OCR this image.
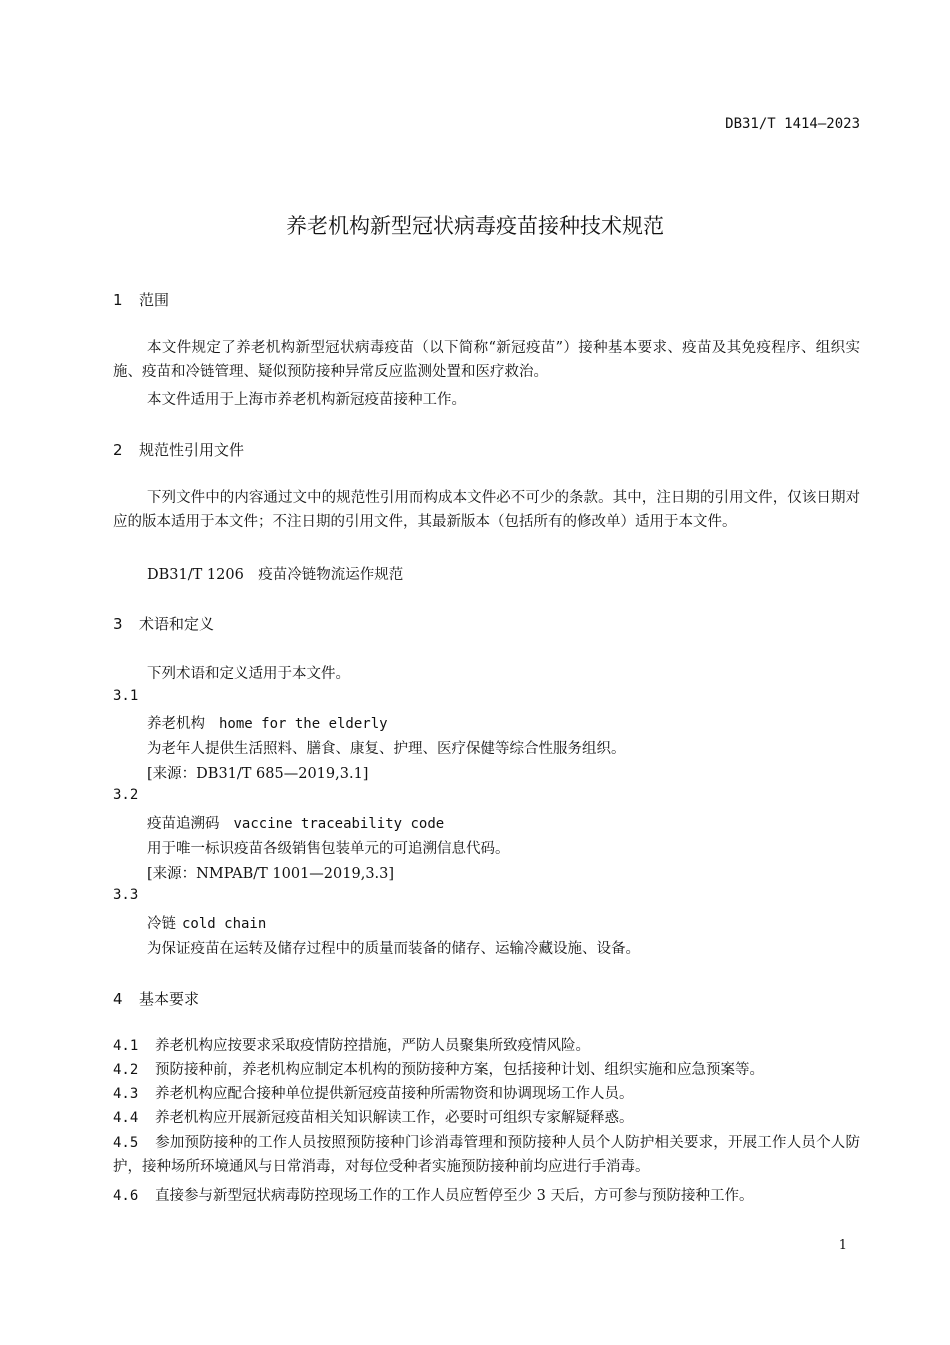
DB31/T 1414—2023
养老机构新型冠状病毒疫苗接种技术规范
1 范围
本文件规定了养老机构新型冠状病毒疫苗（以下简称“新冠疫苗”）接种基本要求、疫苗及其免疫程序、组织实施、疫苗和冷链管理、疑似预防接种异常反应监测处置和医疗救治。
本文件适用于上海市养老机构新冠疫苗接种工作。
2 规范性引用文件
下列文件中的内容通过文中的规范性引用而构成本文件必不可少的条款。其中，注日期的引用文件，仅该日期对应的版本适用于本文件；不注日期的引用文件，其最新版本（包括所有的修改单）适用于本文件。
DB31/T 1206　疫苗冷链物流运作规范
3 术语和定义
下列术语和定义适用于本文件。
3.1
养老机构 home for the elderly
为老年人提供生活照料、膳食、康复、护理、医疗保健等综合性服务组织。
[来源：DB31/T 685—2019,3.1]
3.2
疫苗追溯码 vaccine traceability code
用于唯一标识疫苗各级销售包装单元的可追溯信息代码。
[来源：NMPAB/T 1001—2019,3.3]
3.3
冷链 cold chain
为保证疫苗在运转及储存过程中的质量而装备的储存、运输冷藏设施、设备。
4 基本要求
4.1 养老机构应按要求采取疫情防控措施，严防人员聚集所致疫情风险。
4.2 预防接种前，养老机构应制定本机构的预防接种方案，包括接种计划、组织实施和应急预案等。
4.3 养老机构应配合接种单位提供新冠疫苗接种所需物资和协调现场工作人员。
4.4 养老机构应开展新冠疫苗相关知识解读工作，必要时可组织专家解疑释惑。
4.5 参加预防接种的工作人员按照预防接种门诊消毒管理和预防接种人员个人防护相关要求，开展工作人员个人防护，接种场所环境通风与日常消毒，对每位受种者实施预防接种前均应进行手消毒。
4.6 直接参与新型冠状病毒防控现场工作的工作人员应暂停至少 3 天后，方可参与预防接种工作。
1
